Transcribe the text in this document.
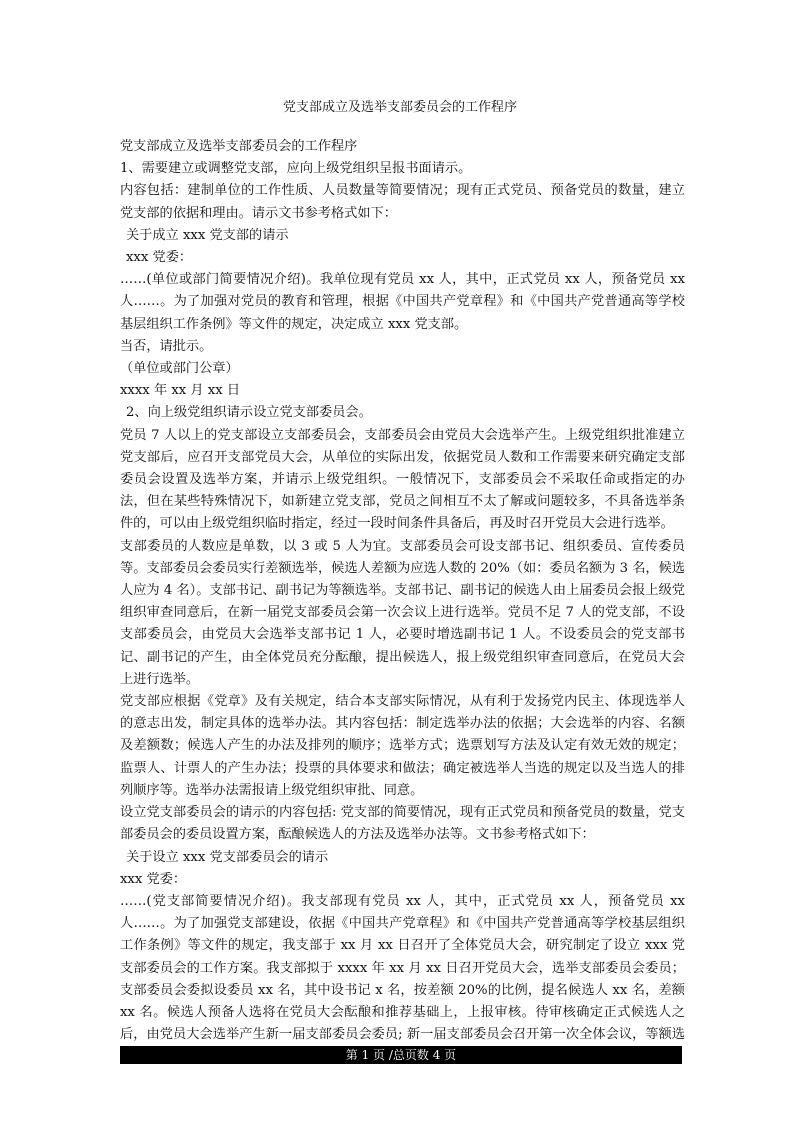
党支部成立及选举支部委员会的工作程序

党支部成立及选举支部委员会的工作程序

1、需要建立或调整党支部，应向上级党组织呈报书面请示。

内容包括：建制单位的工作性质、人员数量等简要情况；现有正式党员、预备党员的数量，建立党支部的依据和理由。请示文书参考格式如下：

关于成立 xxx 党支部的请示

xxx 党委：

……(单位或部门简要情况介绍)。我单位现有党员 xx 人，其中，正式党员 xx 人，预备党员 xx 人……。为了加强对党员的教育和管理，根据《中国共产党章程》和《中国共产党普通高等学校基层组织工作条例》等文件的规定，决定成立 xxx 党支部。

当否，请批示。

（单位或部门公章）

xxxx 年 xx 月 xx 日

2、向上级党组织请示设立党支部委员会。

党员 7 人以上的党支部设立支部委员会，支部委员会由党员大会选举产生。上级党组织批准建立党支部后，应召开支部党员大会，从单位的实际出发，依据党员人数和工作需要来研究确定支部委员会设置及选举方案，并请示上级党组织。一般情况下，支部委员会不采取任命或指定的办法，但在某些特殊情况下，如新建立党支部，党员之间相互不太了解或问题较多，不具备选举条件的，可以由上级党组织临时指定，经过一段时间条件具备后，再及时召开党员大会进行选举。

支部委员的人数应是单数，以 3 或 5 人为宜。支部委员会可设支部书记、组织委员、宣传委员等。支部委员会委员实行差额选举，候选人差额为应选人数的 20%（如：委员名额为 3 名，候选人应为 4 名）。支部书记、副书记为等额选举。支部书记、副书记的候选人由上届委员会报上级党组织审查同意后，在新一届党支部委员会第一次会议上进行选举。党员不足 7 人的党支部，不设支部委员会，由党员大会选举支部书记 1 人，必要时增选副书记 1 人。不设委员会的党支部书记、副书记的产生，由全体党员充分酝酿，提出候选人，报上级党组织审查同意后，在党员大会上进行选举。

党支部应根据《党章》及有关规定，结合本支部实际情况，从有利于发扬党内民主、体现选举人的意志出发，制定具体的选举办法。其内容包括：制定选举办法的依据；大会选举的内容、名额及差额数；候选人产生的办法及排列的顺序；选举方式；选票划写方法及认定有效无效的规定；监票人、计票人的产生办法；投票的具体要求和做法；确定被选举人当选的规定以及当选人的排列顺序等。选举办法需报请上级党组织审批、同意。

设立党支部委员会的请示的内容包括: 党支部的简要情况，现有正式党员和预备党员的数量，党支部委员会的委员设置方案，酝酿候选人的方法及选举办法等。文书参考格式如下：

关于设立 xxx 党支部委员会的请示

xxx 党委：

……(党支部简要情况介绍)。我支部现有党员 xx 人，其中，正式党员 xx 人，预备党员 xx 人……。为了加强党支部建设，依据《中国共产党章程》和《中国共产党普通高等学校基层组织工作条例》等文件的规定，我支部于 xx 月 xx 日召开了全体党员大会，研究制定了设立 xxx 党支部委员会的工作方案。我支部拟于 xxxx 年 xx 月 xx 日召开党员大会，选举支部委员会委员；支部委员会委拟设委员 xx 名，其中设书记 x 名，按差额 20%的比例，提名候选人 xx 名，差额 xx 名。候选人预备人选将在党员大会酝酿和推荐基础上，上报审核。待审核确定正式候选人之后，由党员大会选举产生新一届支部委员会委员; 新一届支部委员会召开第一次全体会议，等额选

第 1 页 /总页数 4 页
